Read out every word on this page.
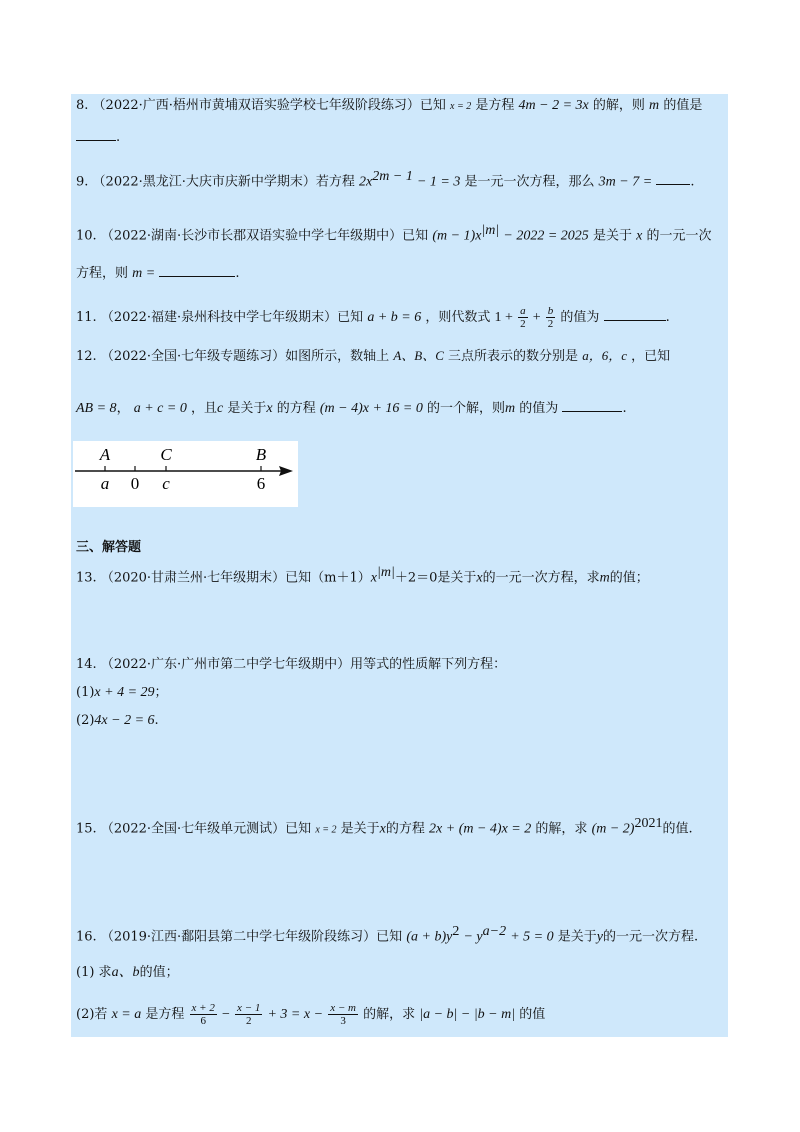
8. （2022·广西·梧州市黄埔双语实验学校七年级阶段练习）已知 x = 2 是方程 4m − 2 = 3x 的解，则 m 的值是
.
9. （2022·黑龙江·大庆市庆新中学期末）若方程 $2x^{2m - 1} - 1 = 3$ 是一元一次方程，那么 3m − 7 =	.
10. （2022·湖南·长沙市长郡双语实验中学七年级期中）已知 $(m - 1)x^{|m|} - 2022 = 2025$ 是关于 x 的一元一次
方程，则 m =	.
11. （2022·福建·泉州科技中学七年级期末）已知 a + b = 6 ，则代数式 $1 + \frac{a}{2} + \frac{b}{2}$ 的值为	.
12. （2022·全国·七年级专题练习）如图所示，数轴上 A、B、C 三点所表示的数分别是 a，6，c ，已知
AB = 8， a + c = 0 ，且c 是关于x 的方程 (m − 4)x + 16 = 0 的一个解，则m 的值为	.
A	C	B
a 0 c	6
三、解答题
13. （2020·甘肃兰州·七年级期末）已知$(m+1)x^{|m|}+2=0$是关于x的一元一次方程，求m的值；
14. （2022·广东·广州市第二中学七年级期中）用等式的性质解下列方程：
(1)x + 4 = 29；
(2)4x − 2 = 6.
15. （2022·全国·七年级单元测试）已知 x = 2 是关于x的方程 2x + (m − 4)x = 2 的解，求 $(m - 2)^{2021}$的值.
16. （2019·江西·鄱阳县第二中学七年级阶段练习）已知 $(a + b)y^2 - y^{a-2} + 5 = 0$ 是关于y的一元一次方程.
(1) 求a、b的值；
(2)若 x = a 是方程 $\frac{x + 2}{6} - \frac{x - 1}{2} + 3 = x - \frac{x - m}{3}$ 的解，求 |a − b| − |b − m| 的值
